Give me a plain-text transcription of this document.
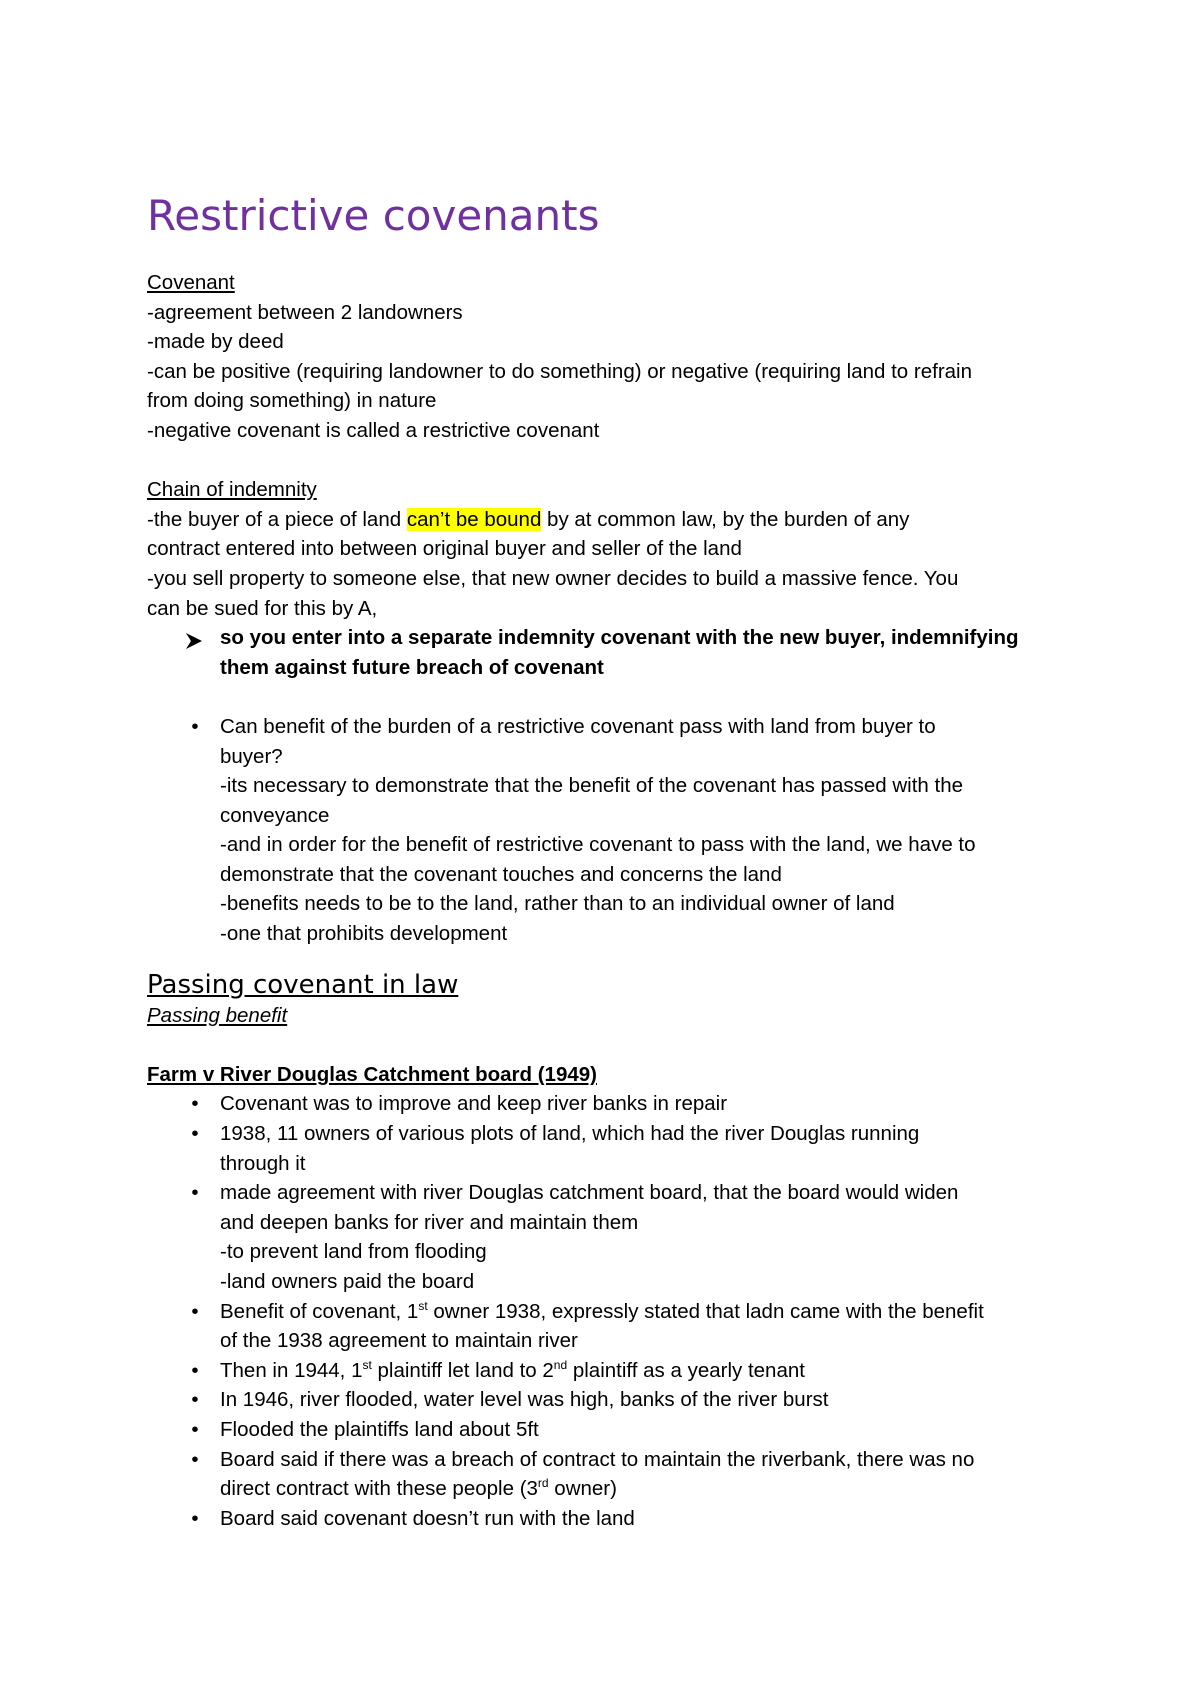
Restrictive covenants

Covenant

-agreement between 2 landowners

-made by deed

-can be positive (requiring landowner to do something) or negative (requiring land to refrain

from doing something) in nature

-negative covenant is called a restrictive covenant

Chain of indemnity

-the buyer of a piece of land can’t be bound by at common law, by the burden of any

contract entered into between original buyer and seller of the land

-you sell property to someone else, that new owner decides to build a massive fence. You

can be sued for this by A,

so you enter into a separate indemnity covenant with the new buyer, indemnifying

them against future breach of covenant

•	Can benefit of the burden of a restrictive covenant pass with land from buyer to

buyer?

-its necessary to demonstrate that the benefit of the covenant has passed with the

conveyance

-and in order for the benefit of restrictive covenant to pass with the land, we have to

demonstrate that the covenant touches and concerns the land

-benefits needs to be to the land, rather than to an individual owner of land

-one that prohibits development

Passing covenant in law

Passing benefit

Farm v River Douglas Catchment board (1949)

•	Covenant was to improve and keep river banks in repair

•	1938, 11 owners of various plots of land, which had the river Douglas running

through it

•	made agreement with river Douglas catchment board, that the board would widen

and deepen banks for river and maintain them

-to prevent land from flooding

-land owners paid the board

•	Benefit of covenant, 1st owner 1938, expressly stated that ladn came with the benefit

of the 1938 agreement to maintain river

•	Then in 1944, 1st plaintiff let land to 2nd plaintiff as a yearly tenant

•	In 1946, river flooded, water level was high, banks of the river burst

•	Flooded the plaintiffs land about 5ft

•	Board said if there was a breach of contract to maintain the riverbank, there was no

direct contract with these people (3rd owner)

•	Board said covenant doesn’t run with the land
